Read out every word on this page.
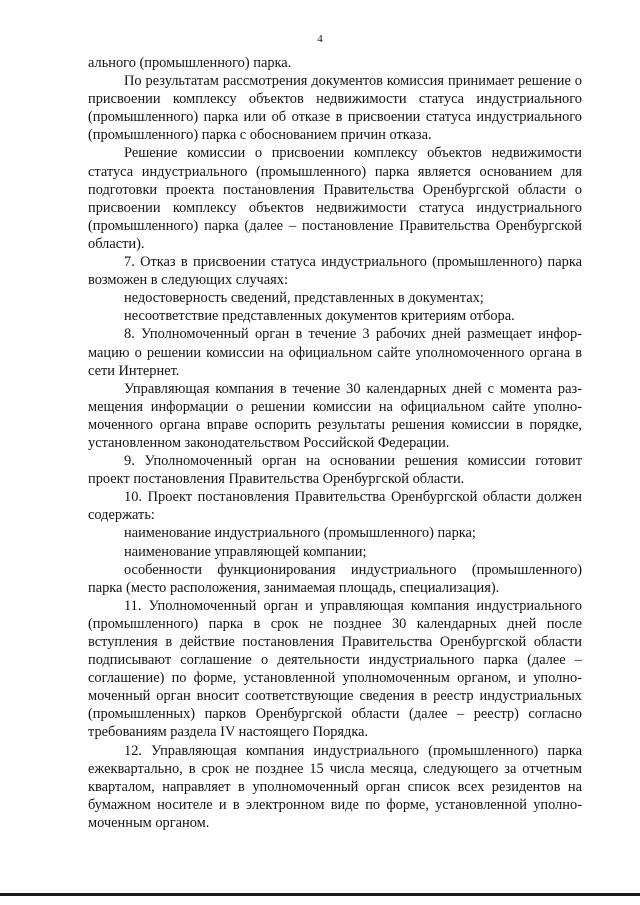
4

ального (промышленного) парка.

По результатам рассмотрения документов комиссия принимает решение о присвоении комплексу объектов недвижимости статуса индустриального (промышленного) парка или об отказе в присвоении статуса индустриального (промышленного) парка с обоснованием причин отказа.

Решение комиссии о присвоении комплексу объектов недвижимости статуса индустриального (промышленного) парка является основанием для подготовки проекта постановления Правительства Оренбургской области о присвоении комплексу объектов недвижимости статуса индустриального (промышленного) парка (далее – постановление Правительства Оренбургской области).

7. Отказ в присвоении статуса индустриального (промышленного) парка возможен в следующих случаях:

недостоверность сведений, представленных в документах;

несоответствие представленных документов критериям отбора.

8. Уполномоченный орган в течение 3 рабочих дней размещает информацию о решении комиссии на официальном сайте уполномоченного органа в сети Интернет.

Управляющая компания в течение 30 календарных дней с момента размещения информации о решении комиссии на официальном сайте уполномоченного органа вправе оспорить результаты решения комиссии в порядке, установленном законодательством Российской Федерации.

9. Уполномоченный орган на основании решения комиссии готовит проект постановления Правительства Оренбургской области.

10. Проект постановления Правительства Оренбургской области должен содержать:

наименование индустриального (промышленного) парка;

наименование управляющей компании;

особенности функционирования индустриального (промышленного) парка (место расположения, занимаемая площадь, специализация).

11. Уполномоченный орган и управляющая компания индустриального (промышленного) парка в срок не позднее 30 календарных дней после вступления в действие постановления Правительства Оренбургской области подписывают соглашение о деятельности индустриального парка (далее – соглашение) по форме, установленной уполномоченным органом, и уполномоченный орган вносит соответствующие сведения в реестр индустриальных (промышленных) парков Оренбургской области (далее – реестр) согласно требованиям раздела IV настоящего Порядка.

12. Управляющая компания индустриального (промышленного) парка ежеквартально, в срок не позднее 15 числа месяца, следующего за отчетным кварталом, направляет в уполномоченный орган список всех резидентов на бумажном носителе и в электронном виде по форме, установленной уполномоченным органом.
